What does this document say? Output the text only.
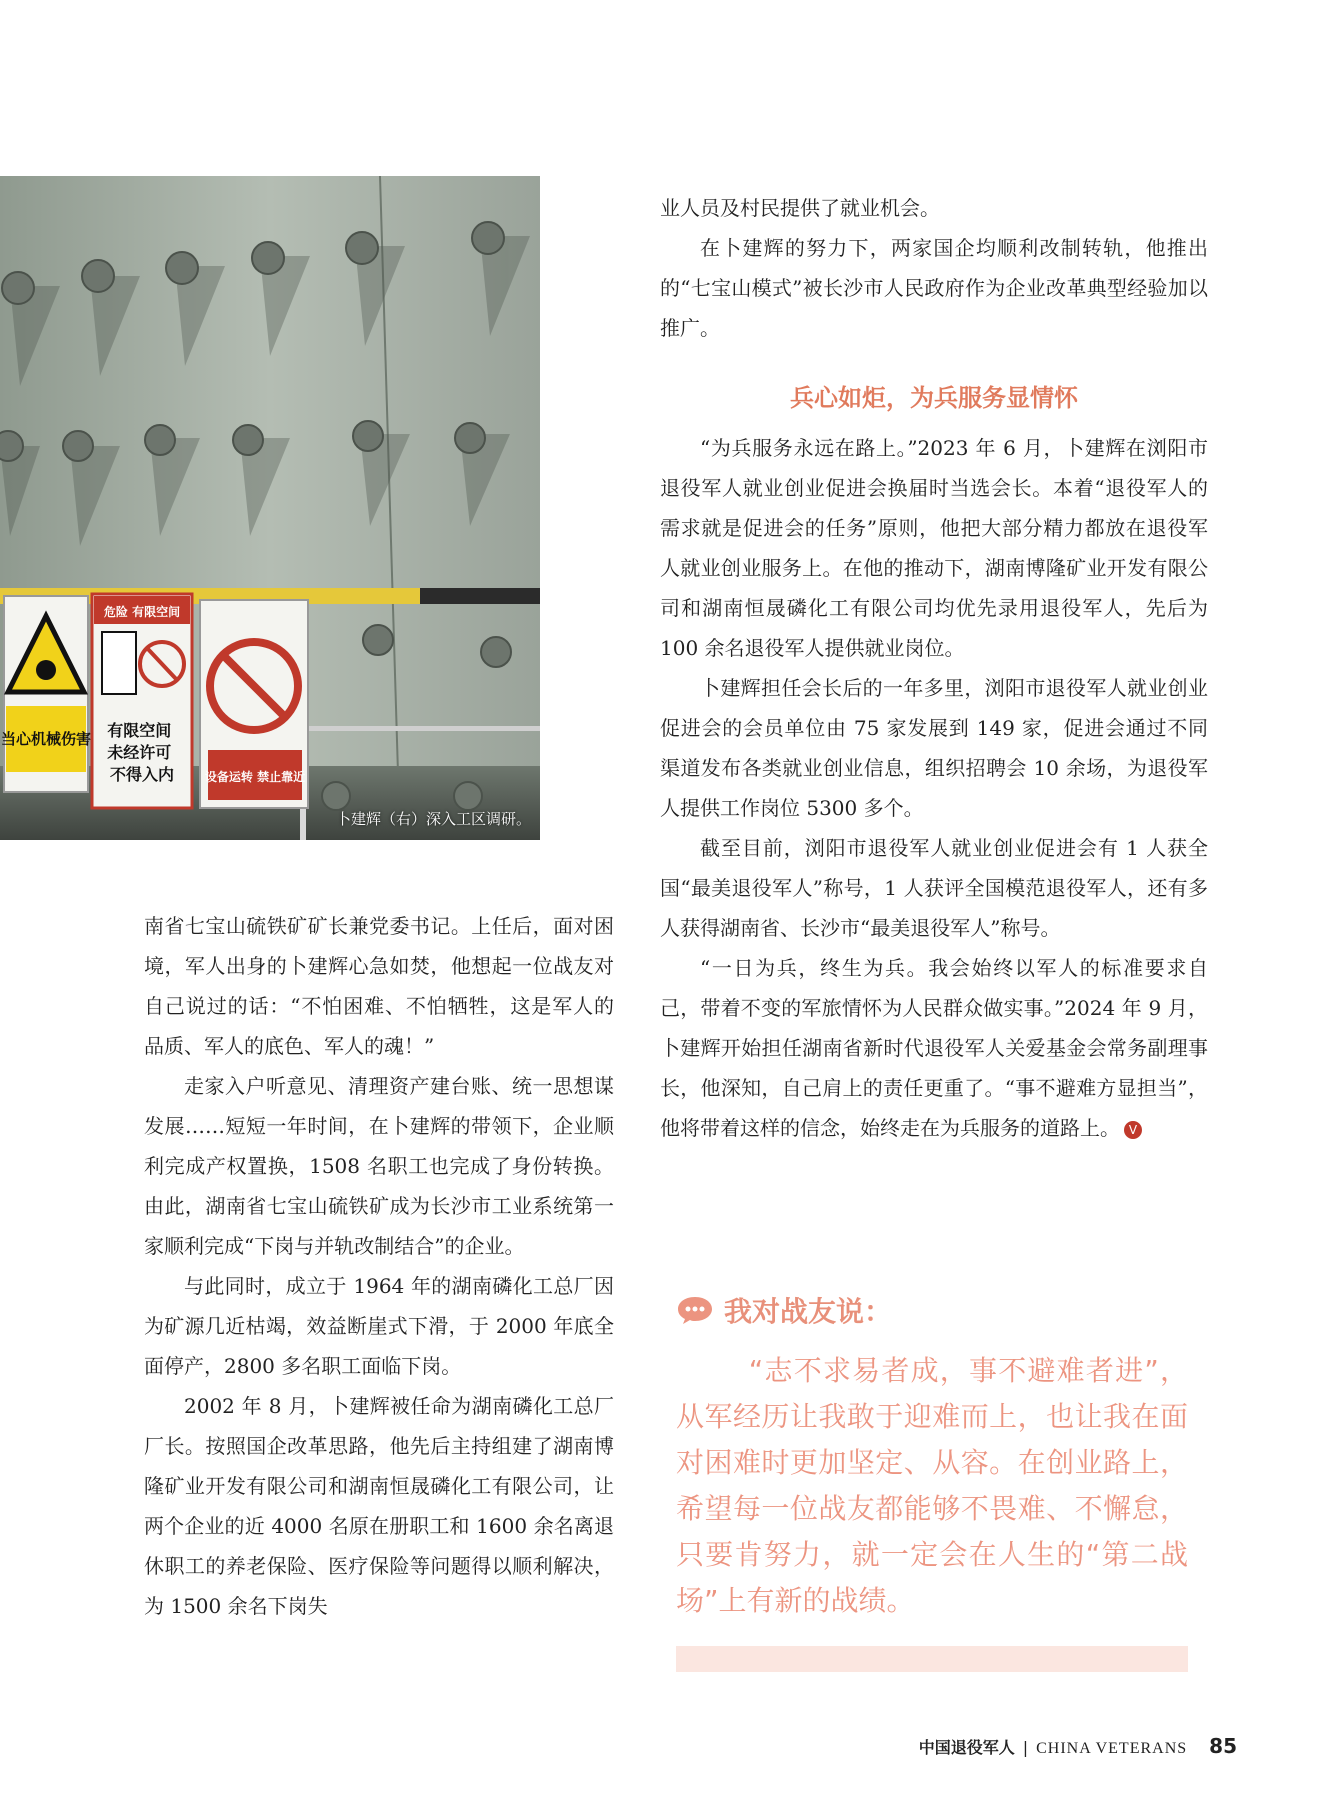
当心机械伤害
危险 有限空间
有限空间 未经许可 不得入内	设备运转 禁止靠近
卜建辉（右）深入工区调研。

南省七宝山硫铁矿矿长兼党委书记。上任后，面对困境，军人出身的卜建辉心急如焚，他想起一位战友对自己说过的话：“不怕困难、不怕牺牲，这是军人的品质、军人的底色、军人的魂！”

走家入户听意见、清理资产建台账、统一思想谋发展……短短一年时间，在卜建辉的带领下，企业顺利完成产权置换，1508 名职工也完成了身份转换。由此，湖南省七宝山硫铁矿成为长沙市工业系统第一家顺利完成“下岗与并轨改制结合”的企业。

与此同时，成立于 1964 年的湖南磷化工总厂因为矿源几近枯竭，效益断崖式下滑，于 2000 年底全面停产，2800 多名职工面临下岗。

2002 年 8 月，卜建辉被任命为湖南磷化工总厂厂长。按照国企改革思路，他先后主持组建了湖南博隆矿业开发有限公司和湖南恒晟磷化工有限公司，让两个企业的近 4000 名原在册职工和 1600 余名离退休职工的养老保险、医疗保险等问题得以顺利解决，为 1500 余名下岗失

业人员及村民提供了就业机会。

在卜建辉的努力下，两家国企均顺利改制转轨，他推出的“七宝山模式”被长沙市人民政府作为企业改革典型经验加以推广。

兵心如炬，为兵服务显情怀

“为兵服务永远在路上。”2023 年 6 月，卜建辉在浏阳市退役军人就业创业促进会换届时当选会长。本着“退役军人的需求就是促进会的任务”原则，他把大部分精力都放在退役军人就业创业服务上。在他的推动下，湖南博隆矿业开发有限公司和湖南恒晟磷化工有限公司均优先录用退役军人，先后为 100 余名退役军人提供就业岗位。

卜建辉担任会长后的一年多里，浏阳市退役军人就业创业促进会的会员单位由 75 家发展到 149 家，促进会通过不同渠道发布各类就业创业信息，组织招聘会 10 余场，为退役军人提供工作岗位 5300 多个。

截至目前，浏阳市退役军人就业创业促进会有 1 人获全国“最美退役军人”称号，1 人获评全国模范退役军人，还有多人获得湖南省、长沙市“最美退役军人”称号。

“一日为兵，终生为兵。我会始终以军人的标准要求自己，带着不变的军旅情怀为人民群众做实事。”2024 年 9 月，卜建辉开始担任湖南省新时代退役军人关爱基金会常务副理事长，他深知，自己肩上的责任更重了。“事不避难方显担当”，他将带着这样的信念，始终走在为兵服务的道路上。 V

我对战友说：
“志不求易者成，事不避难者进”，从军经历让我敢于迎难而上，也让我在面对困难时更加坚定、从容。在创业路上，希望每一位战友都能够不畏难、不懈怠，只要肯努力，就一定会在人生的“第二战场”上有新的战绩。
中国退役军人 | CHINA VETERANS 85
